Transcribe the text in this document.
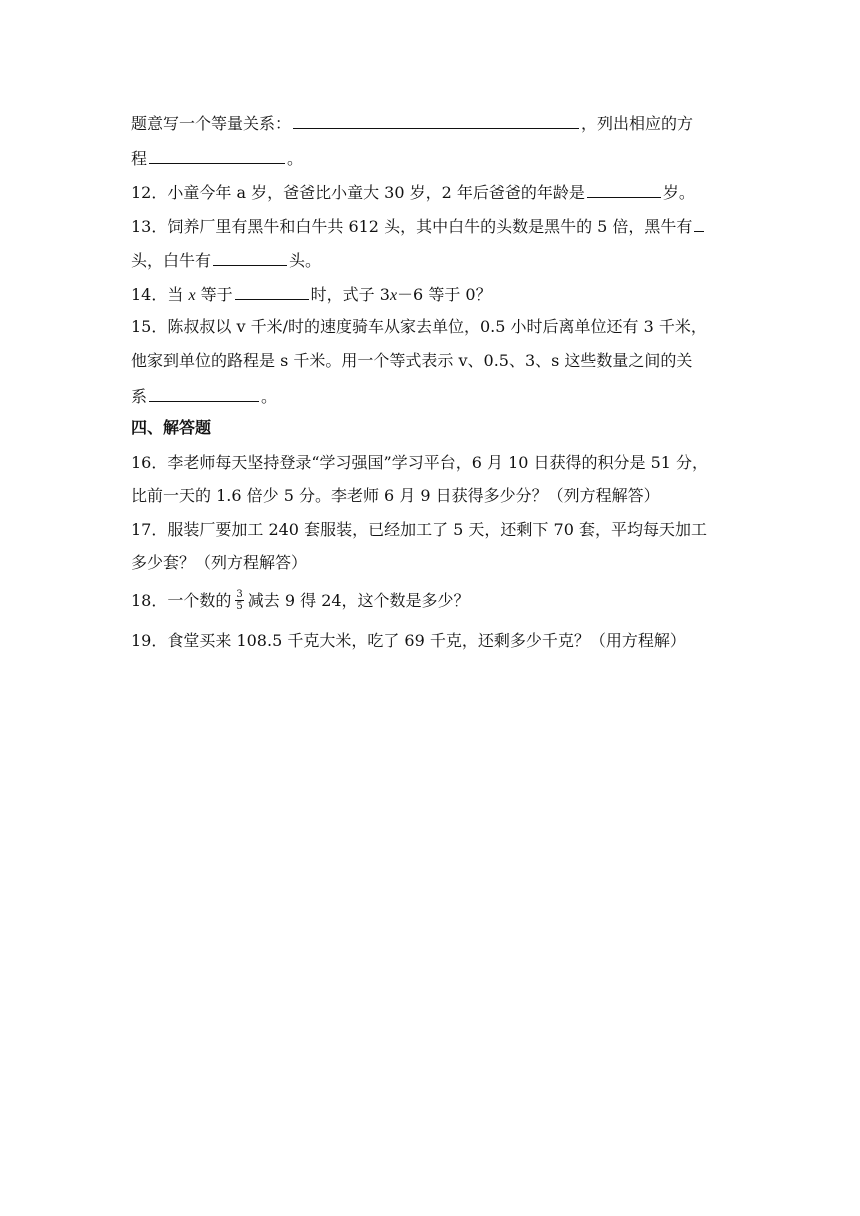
题意写一个等量关系：	，列出相应的方
程	。
12．小童今年 a 岁，爸爸比小童大 30 岁，2 年后爸爸的年龄是	岁。
13．饲养厂里有黑牛和白牛共 612 头，其中白牛的头数是黑牛的 5 倍，黑牛有
头，白牛有	头。
14．当 x 等于	时，式子 3x－6 等于 0？
15．陈叔叔以 v 千米/时的速度骑车从家去单位，0.5 小时后离单位还有 3 千米，
他家到单位的路程是 s 千米。用一个等式表示 v、0.5、3、s 这些数量之间的关
系	。
四、解答题
16．李老师每天坚持登录“学习强国”学习平台，6 月 10 日获得的积分是 51 分，
比前一天的 1.6 倍少 5 分。李老师 6 月 9 日获得多少分？（列方程解答）
17．服装厂要加工 240 套服装，已经加工了 5 天，还剩下 70 套，平均每天加工
多少套？（列方程解答）
18．一个数的 $\frac{3}{5}$ 减去 9 得 24，这个数是多少？
19．食堂买来 108.5 千克大米，吃了 69 千克，还剩多少千克？（用方程解）
